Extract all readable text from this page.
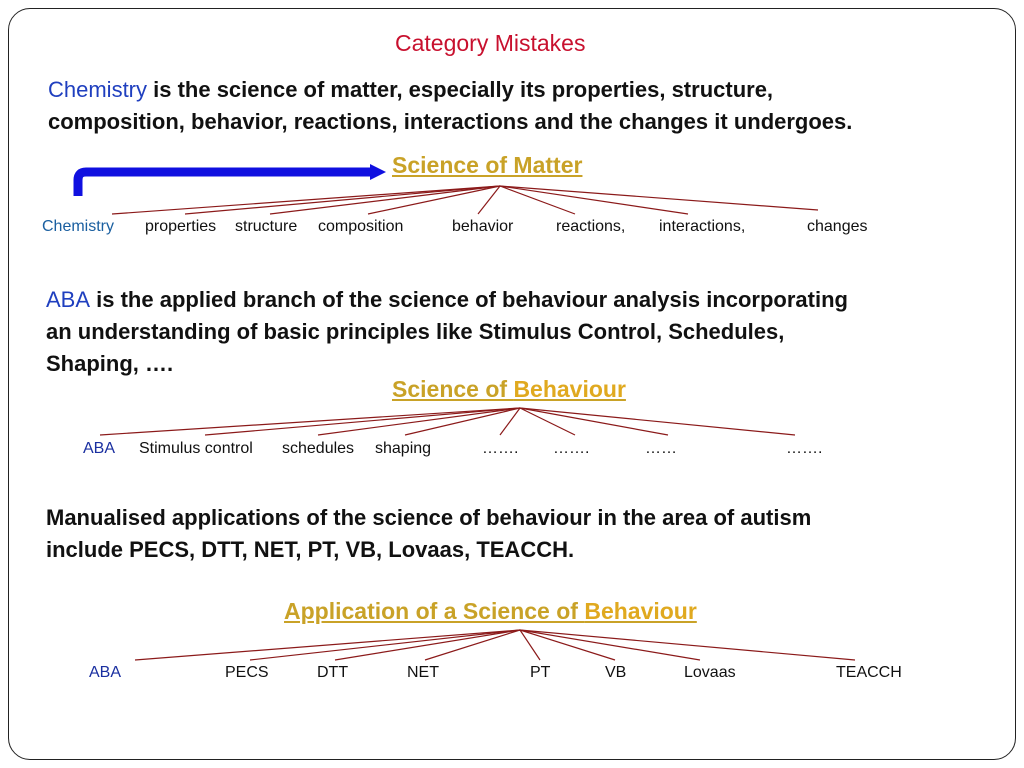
Category Mistakes
Chemistry is the science of matter, especially its properties, structure,
composition, behavior, reactions, interactions and the changes it undergoes.
Science of Matter
Chemistry properties structure composition	behavior	reactions, interactions,	changes
ABA is the applied branch of the science of behaviour analysis incorporating
an understanding of basic principles like Stimulus Control, Schedules,
Shaping, ….
Science of Behaviour
ABA Stimulus control schedules shaping	……. …….	……	…….
Manualised applications of the science of behaviour in the area of autism
include PECS, DTT, NET, PT, VB, Lovaas, TEACCH.
Application of a Science of Behaviour
ABA	PECS	DTT	NET	PT	VB	Lovaas	TEACCH
